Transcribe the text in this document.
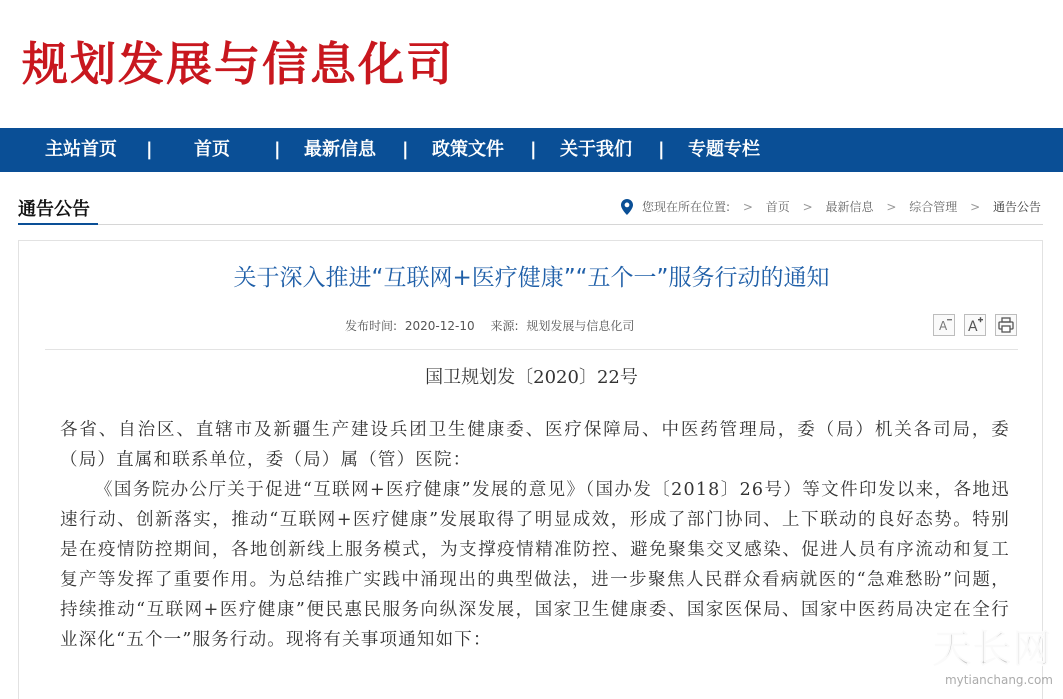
规划发展与信息化司
主站首页 | 首页 | 最新信息 | 政策文件 | 关于我们 | 专题专栏
通告公告	您现在所在位置: > 首页 > 最新信息 > 综合管理 > 通告公告
关于深入推进“互联网+医疗健康”“五个一”服务行动的通知
发布时间: 2020-12-10 来源: 规划发展与信息化司	A A
国卫规划发〔2020〕22号

各省、自治区、直辖市及新疆生产建设兵团卫生健康委、医疗保障局、中医药管理局，委（局）机关各司局，委（局）直属和联系单位，委（局）属（管）医院：

《国务院办公厅关于促进“互联网+医疗健康”发展的意见》（国办发〔2018〕26号）等文件印发以来，各地迅速行动、创新落实，推动“互联网+医疗健康”发展取得了明显成效，形成了部门协同、上下联动的良好态势。特别是在疫情防控期间，各地创新线上服务模式，为支撑疫情精准防控、避免聚集交叉感染、促进人员有序流动和复工复产等发挥了重要作用。为总结推广实践中涌现出的典型做法，进一步聚焦人民群众看病就医的“急难愁盼”问题，持续推动“互联网+医疗健康”便民惠民服务向纵深发展，国家卫生健康委、国家医保局、国家中医药局决定在全行业深化“五个一”服务行动。现将有关事项通知如下：	天长网
mytianchang.com
